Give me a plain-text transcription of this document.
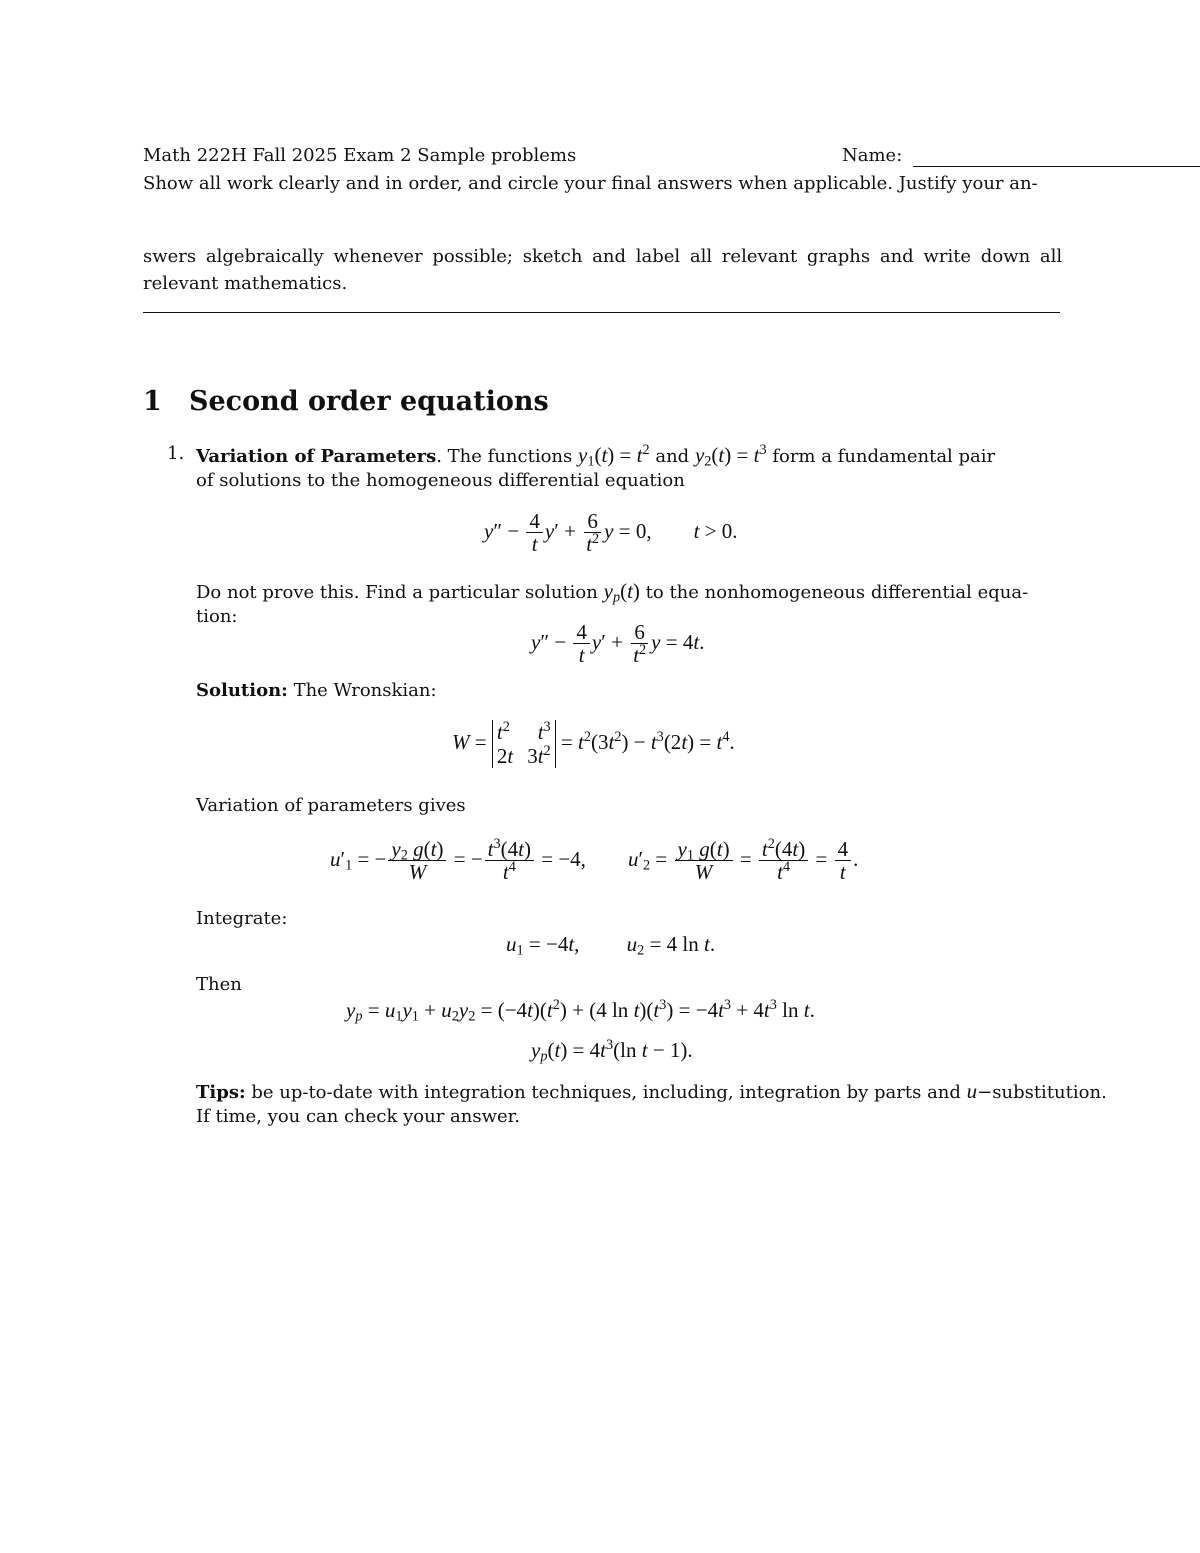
Math 222H Fall 2025 Exam 2 Sample problems	Name:
Show all work clearly and in order, and circle your final answers when applicable. Justify your an-
swers algebraically whenever possible; sketch and label all relevant graphs and write down all
relevant mathematics.
1 Second order equations
1. Variation of Parameters. The functions $y_1(t) = t^2$ and $y_2(t) = t^3$ form a fundamental pair
of solutions to the homogeneous differential equation
$y'' - \frac{4}{t} y' + \frac{6}{t^2}$ y = 0,        t > 0.
Do not prove this. Find a particular solution $y_p(t)$ to the nonhomogeneous differential equa-
tion:
$y'' - \frac{4}{t} y' + \frac{6}{t^2}$ y = 4t.
Solution: The Wronskian:
$W = t^2$	$t^3$
2t $3t^2 = t^2(3t^2) - t^3(2t) = t^4$.
Variation of parameters gives
$u'_1$ = − $\frac{y_2 g(t)}{W}$ = − $\frac{t^3(4t)}{t^4} = -4$,        $u'_2 = \frac{y_1 g(t)}{W} = \frac{t^2(4t)}{t^4} = \frac{4}{t}$ .
Integrate:
$u_1 = -4t$,         $u_2 = 4$ ln t.
Then
$y_p = u_1y_1 + u_2y_2 = (-4t)(t^2) + (4$ $\ln t)(t^3) = -4t^3 + 4t^3$ ln t.
$y_p(t) = 4t^3(\ln$ t − 1).
Tips: be up-to-date with integration techniques, including, integration by parts and u−substitution.
If time, you can check your answer.
